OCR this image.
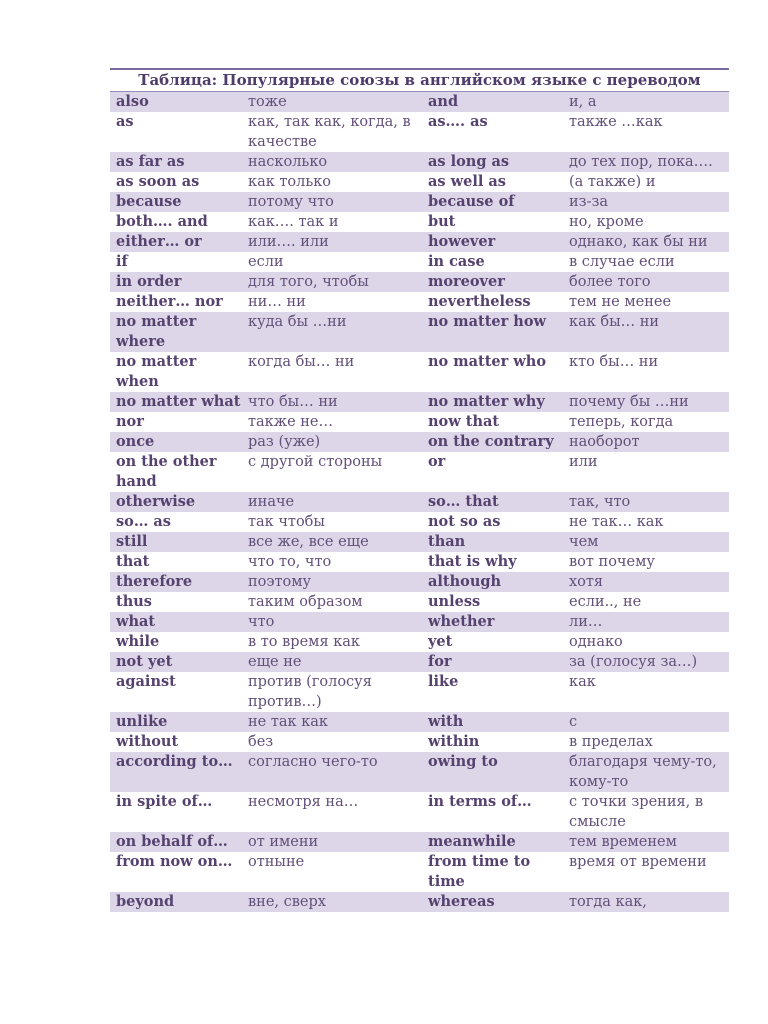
Таблица: Популярные союзы в английском языке с переводом
also	тоже	and	и, а
as	как, так как, когда, в качестве	as…. as	также …как
as far as	насколько	as long as	до тех пор, пока….
as soon as	как только	as well as	(а также) и
because	потому что	because of	из-за
both…. and	как…. так и	but	но, кроме
either… or	или…. или	however	однако, как бы ни
if	если	in case	в случае если
in order	для того, чтобы	moreover	более того
neither… nor	ни… ни	nevertheless	тем не менее
no matter where	куда бы …ни	no matter how	как бы… ни
no matter when	когда бы… ни	no matter who	кто бы… ни
no matter what	что бы… ни	no matter why	почему бы …ни
nor	также не…	now that	теперь, когда
once	раз (уже)	on the contrary	наоборот
on the other hand	с другой стороны	or	или
otherwise	иначе	so… that	так, что
so… as	так чтобы	not so as	не так… как
still	все же, все еще	than	чем
that	что то, что	that is why	вот почему
therefore	поэтому	although	хотя
thus	таким образом	unless	если.., не
what	что	whether	ли…
while	в то время как	yet	однако
not yet	еще не	for	за (голосуя за…)
against	против (голосуя против…)	like	как
unlike	не так как	with	с
without	без	within	в пределах
according to…	согласно чего-то	owing to	благодаря чему-то, кому-то
in spite of…	несмотря на…	in terms of…	с точки зрения, в смысле
on behalf of…	от имени	meanwhile	тем временем
from now on…	отныне	from time to time	время от времени
beyond	вне, сверх	whereas	тогда как,
